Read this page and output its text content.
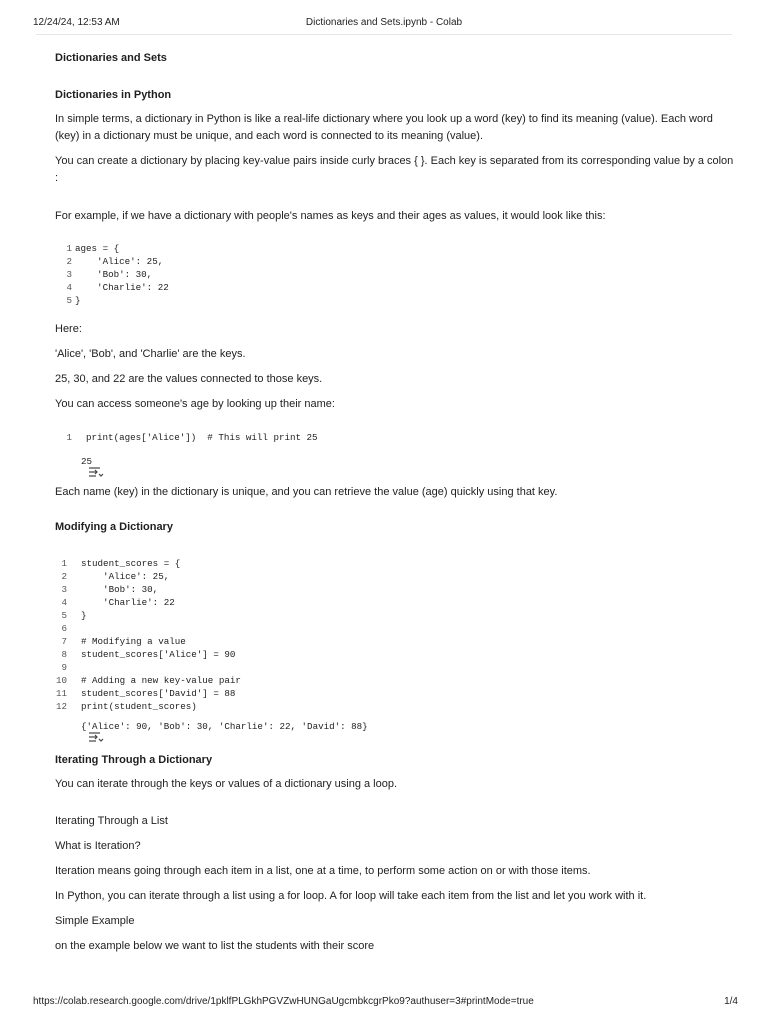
12/24/24, 12:53 AM	Dictionaries and Sets.ipynb - Colab
Dictionaries and Sets
Dictionaries in Python

In simple terms, a dictionary in Python is like a real-life dictionary where you look up a word (key) to find its meaning (value). Each word (key) in a dictionary must be unique, and each word is connected to its meaning (value).

You can create a dictionary by placing key-value pairs inside curly braces { }. Each key is separated from its corresponding value by a colon :

For example, if we have a dictionary with people's names as keys and their ages as values, it would look like this:

1 ages = {
2    'Alice': 25,
3    'Bob': 30,
4    'Charlie': 22
5 }

Here:

'Alice', 'Bob', and 'Charlie' are the keys.

25, 30, and 22 are the values connected to those keys.

You can access someone's age by looking up their name:

1 print(ages['Alice'])  # This will print 25

25

Each name (key) in the dictionary is unique, and you can retrieve the value (age) quickly using that key.

Modifying a Dictionary
1 student_scores = {
2    'Alice': 25,
3    'Bob': 30,
4    'Charlie': 22
5 }
6
7 # Modifying a value
8 student_scores['Alice'] = 90
9
10 # Adding a new key-value pair
11 student_scores['David'] = 88
12 print(student_scores)

{'Alice': 90, 'Bob': 30, 'Charlie': 22, 'David': 88}
Iterating Through a Dictionary

You can iterate through the keys or values of a dictionary using a loop.

Iterating Through a List

What is Iteration?

Iteration means going through each item in a list, one at a time, to perform some action on or with those items.

In Python, you can iterate through a list using a for loop. A for loop will take each item from the list and let you work with it.

Simple Example

on the example below we want to list the students with their score

https://colab.research.google.com/drive/1pklfPLGkhPGVZwHUNGaUgcmbkcgrPko9?authuser=3#printMode=true	1/4
